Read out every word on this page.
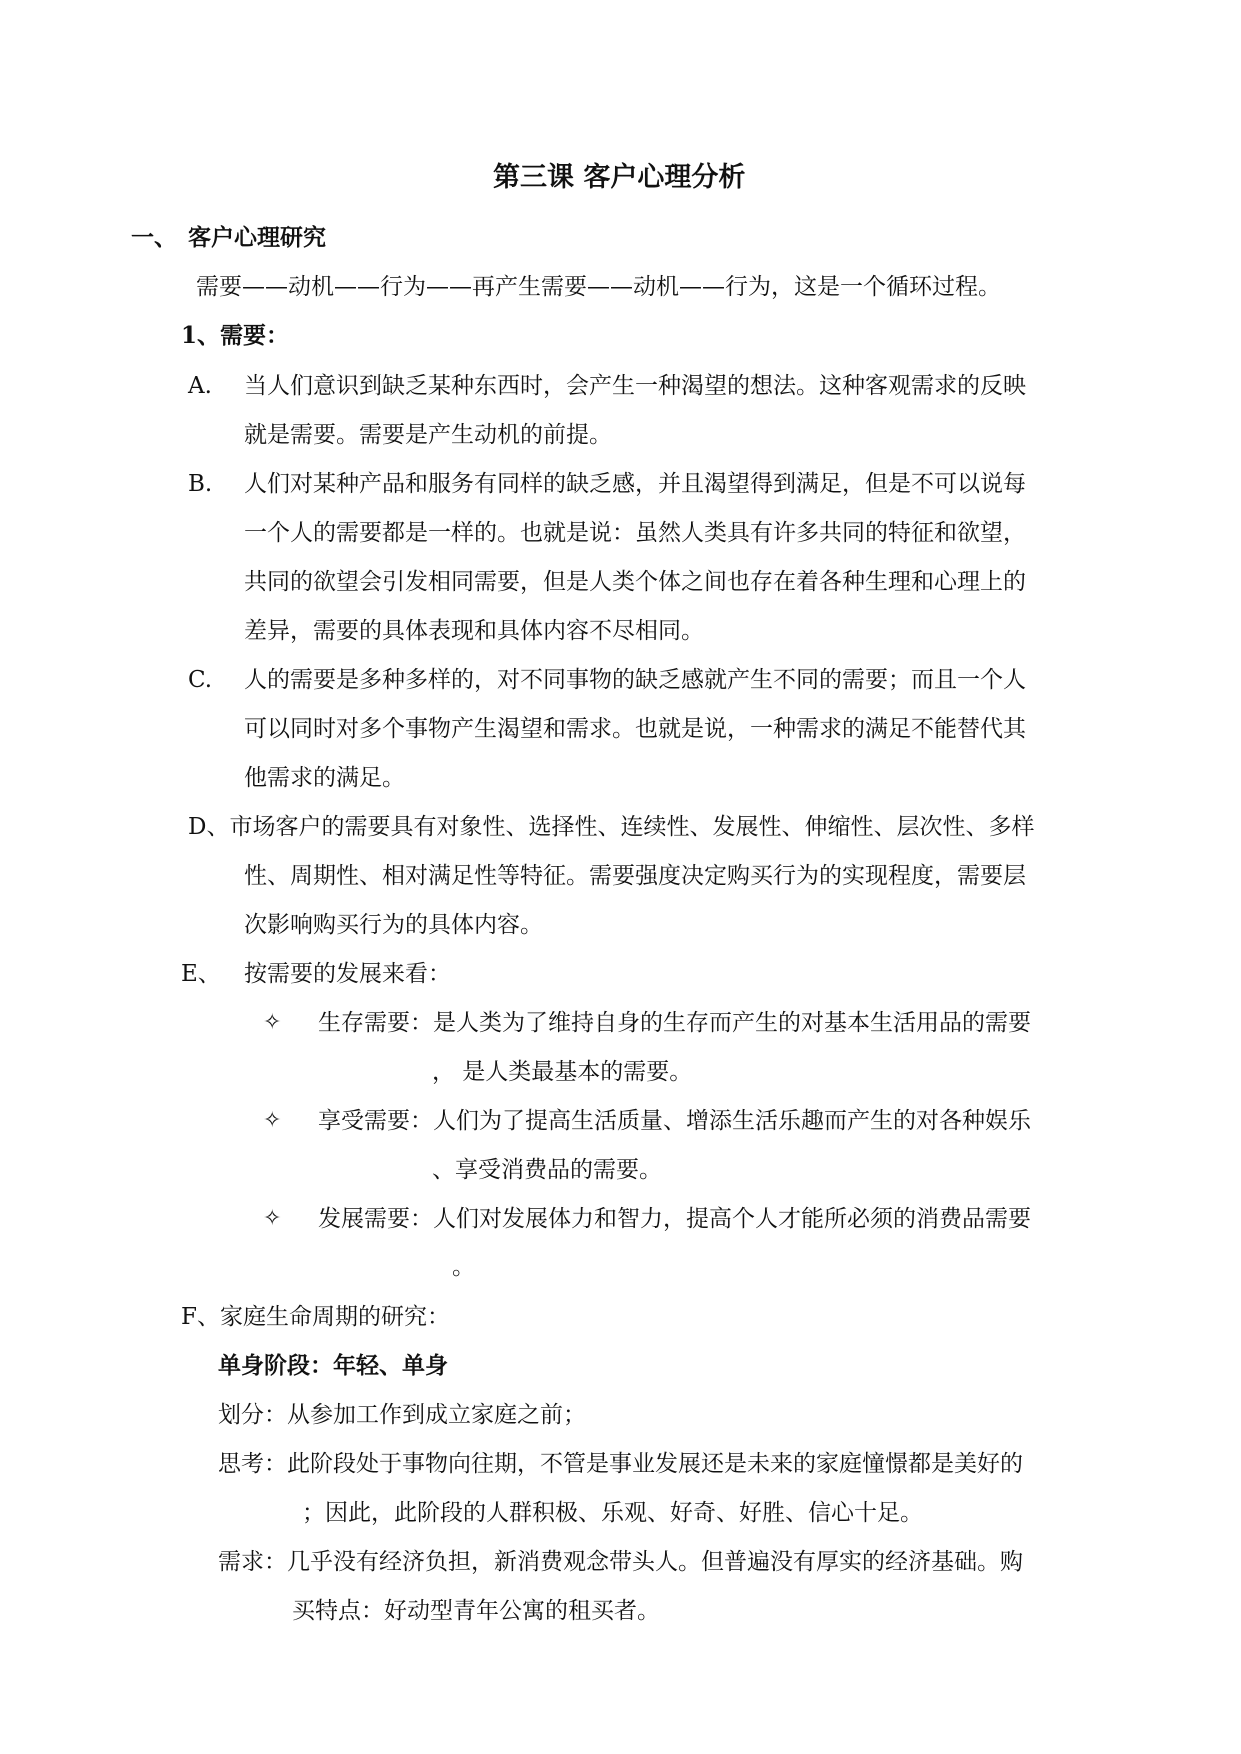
第三课 客户心理分析
一、 客户心理研究
需要——动机——行为——再产生需要——动机——行为，这是一个循环过程。
1、需要：
A. 当人们意识到缺乏某种东西时，会产生一种渴望的想法。这种客观需求的反映
就是需要。需要是产生动机的前提。
B. 人们对某种产品和服务有同样的缺乏感，并且渴望得到满足，但是不可以说每
一个人的需要都是一样的。也就是说：虽然人类具有许多共同的特征和欲望，
共同的欲望会引发相同需要，但是人类个体之间也存在着各种生理和心理上的
差异，需要的具体表现和具体内容不尽相同。
C. 人的需要是多种多样的，对不同事物的缺乏感就产生不同的需要；而且一个人
可以同时对多个事物产生渴望和需求。也就是说，一种需求的满足不能替代其
他需求的满足。
D、市场客户的需要具有对象性、选择性、连续性、发展性、伸缩性、层次性、多样
性、周期性、相对满足性等特征。需要强度决定购买行为的实现程度，需要层
次影响购买行为的具体内容。
E、 按需要的发展来看：
✧ 生存需要：是人类为了维持自身的生存而产生的对基本生活用品的需要
， 是人类最基本的需要。
✧ 享受需要：人们为了提高生活质量、增添生活乐趣而产生的对各种娱乐
、享受消费品的需要。
✧ 发展需要：人们对发展体力和智力，提高个人才能所必须的消费品需要
。
F、家庭生命周期的研究：
单身阶段：年轻、单身
划分：从参加工作到成立家庭之前；
思考：此阶段处于事物向往期，不管是事业发展还是未来的家庭憧憬都是美好的
；因此，此阶段的人群积极、乐观、好奇、好胜、信心十足。
需求：几乎没有经济负担，新消费观念带头人。但普遍没有厚实的经济基础。购
买特点：好动型青年公寓的租买者。
